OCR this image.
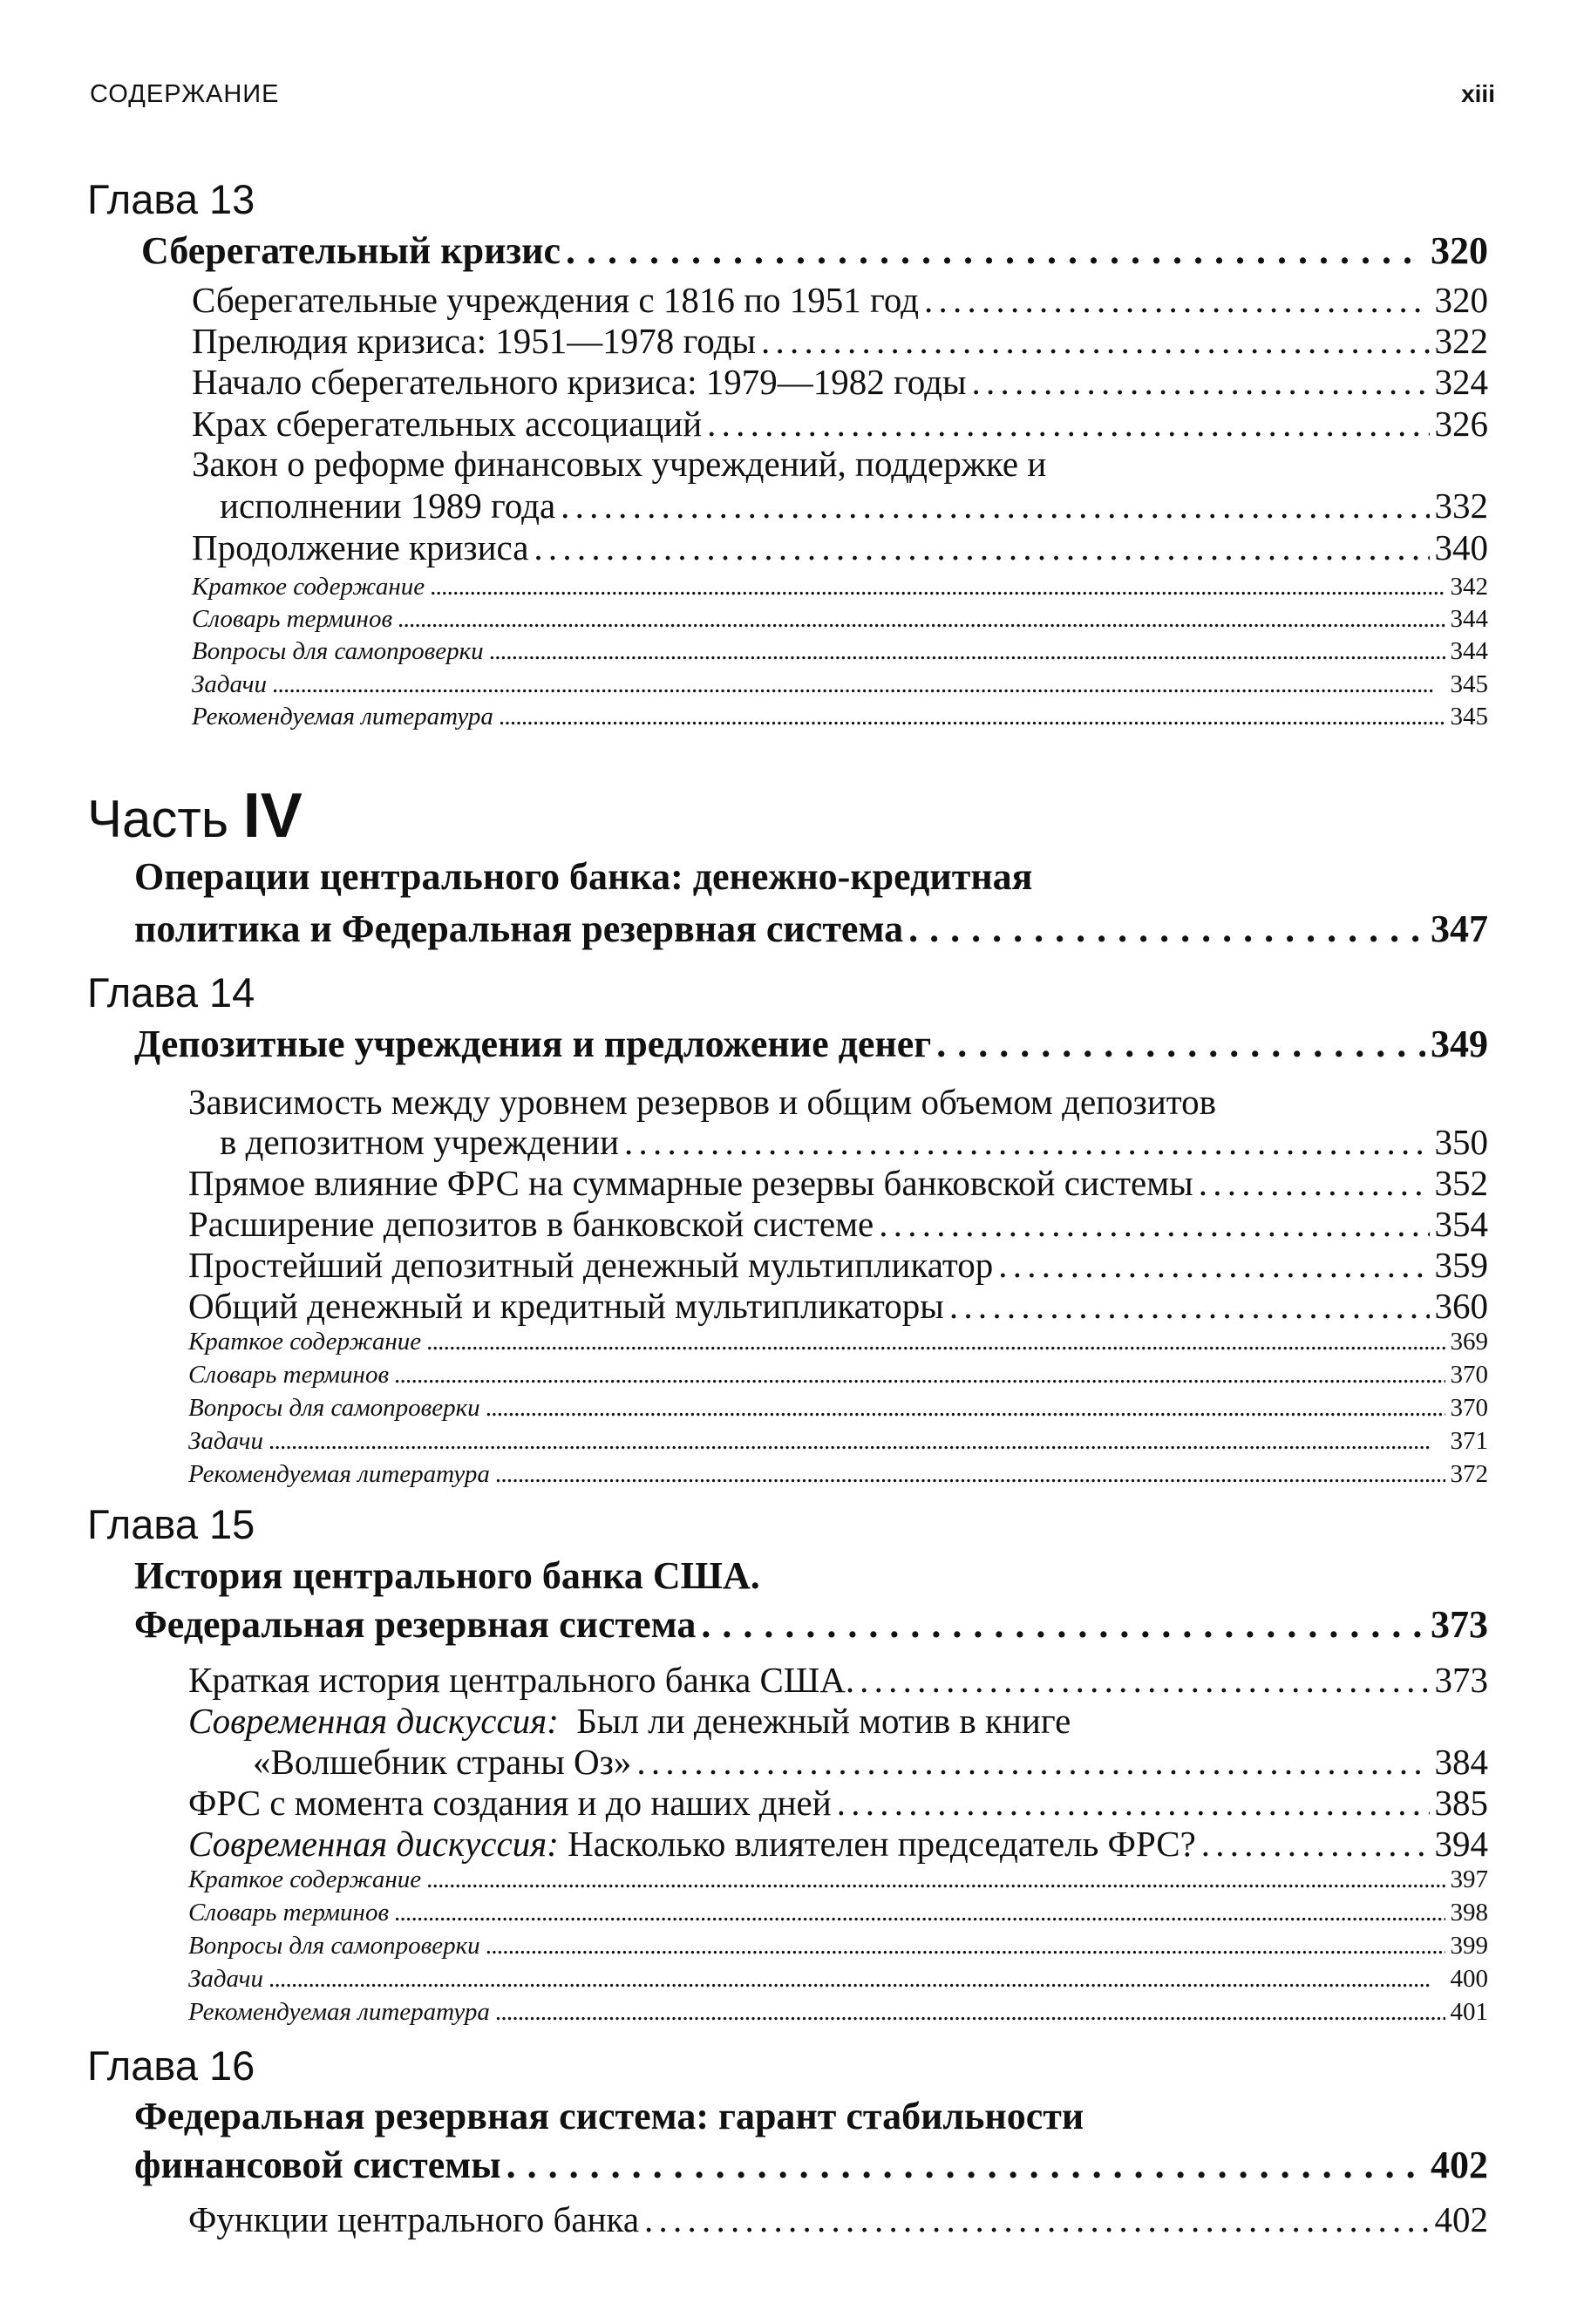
СОДЕРЖАНИЕ	xiii
Глава 13
Сберегательный кризис . . .	320
Сберегательные учреждения с 1816 по 1951 год . . .	320
Прелюдия кризиса: 1951—1978 годы . . .	322
Начало сберегательного кризиса: 1979—1982 годы . . .	324
Крах сберегательных ассоциаций . . .	326
Закон о реформе финансовых учреждений, поддержке и
исполнении 1989 года . . .	332
Продолжение кризиса . . .	340
Краткое содержание . . .	342
Словарь терминов . . .	344
Вопросы для самопроверки . . .	344
Задачи . . .	345
Рекомендуемая литература . . .	345
Часть IV
Операции центрального банка: денежно-кредитная
политика и Федеральная резервная система . . .	347
Глава 14
Депозитные учреждения и предложение денег . . .	349
Зависимость между уровнем резервов и общим объемом депозитов
в депозитном учреждении . . .	350
Прямое влияние ФРС на суммарные резервы банковской системы . . .	352
Расширение депозитов в банковской системе . . .	354
Простейший депозитный денежный мультипликатор . . .	359
Общий денежный и кредитный мультипликаторы . . .	360
Краткое содержание . . .	369
Словарь терминов . . .	370
Вопросы для самопроверки . . .	370
Задачи . . .	371
Рекомендуемая литература . . .	372
Глава 15
История центрального банка США.
Федеральная резервная система . . .	373
Краткая история центрального банка США. . . .	373
Современная дискуссия: Был ли денежный мотив в книге
«Волшебник страны Оз» . . .	384
ФРС с момента создания и до наших дней . . .	385
Современная дискуссия: Насколько влиятелен председатель ФРС? . . .	394
Краткое содержание . . .	397
Словарь терминов . . .	398
Вопросы для самопроверки . . .	399
Задачи . . .	400
Рекомендуемая литература . . .	401
Глава 16
Федеральная резервная система: гарант стабильности
финансовой системы . . .	402
Функции центрального банка . . .	402
